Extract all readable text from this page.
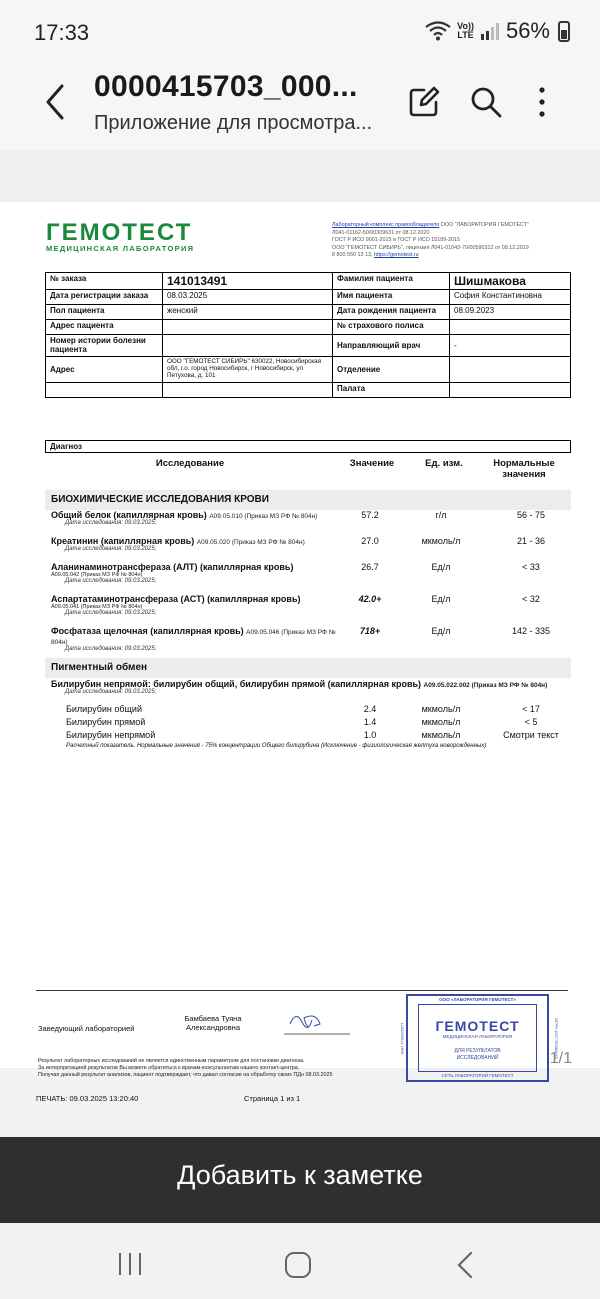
17:33	Vo))
LTE 56%
0000415703_000...
Приложение для просмотра...
ГЕМОТЕСТ
МЕДИЦИНСКАЯ ЛАБОРАТОРИЯ
Лабораторный комплекс правообладателя ООО "ЛАБОРАТОРИЯ ГЕМОТЕСТ"
Л041-01162-50/00309631 от 08.12.2020
ГОСТ Р ИСО 9001-2015 и ГОСТ Р ИСО 15189-2015
ООО "ГЕМОТЕСТ СИБИРЬ", лицензия Л041-01043-70/00590312 от 09.12.2019
8 800 550 13 13, https://gemotest.ru
№ заказа	141013491	Фамилия пациента	Шишмакова
Дата регистрации заказа	08.03.2025	Имя пациента	София Константиновна
Пол пациента	женский	Дата рождения пациента	08.09.2023
Адрес пациента		№ страхового полиса	
Номер истории болезни пациента		Направляющий врач	-
Адрес	ООО "ГЕМОТЕСТ СИБИРЬ" 630022, Новосибирская обл, г.о. город Новосибирск, г Новосибирск, ул Петухова, д. 101	Отделение	
		Палата	
Диагноз
Исследование	Значение	Ед. изм.	Нормальные значения
БИОХИМИЧЕСКИЕ ИССЛЕДОВАНИЯ КРОВИ
Общий белок (капиллярная кровь) A09.05.010 (Приказ МЗ РФ № 804н)
Дата исследования: 09.03.2025;
57.2	г/л	56 - 75
Креатинин (капиллярная кровь) A09.05.020 (Приказ МЗ РФ № 804н)
Дата исследования: 09.03.2025;
27.0	мкмоль/л	21 - 36
Аланинаминотрансфераза (АЛТ) (капиллярная кровь)
A09.05.042 (Приказ МЗ РФ № 804н)
Дата исследования: 09.03.2025;
26.7	Ед/л	< 33
Аспартатаминотрансфераза (АСТ) (капиллярная кровь)
A09.05.041 (Приказ МЗ РФ № 804н)
Дата исследования: 09.03.2025;
42.0+	Ед/л	< 32
Фосфатаза щелочная (капиллярная кровь) A09.05.046 (Приказ МЗ РФ № 804н)
Дата исследования: 09.03.2025;
718+	Ед/л	142 - 335
Пигментный обмен
Билирубин непрямой: билирубин общий, билирубин прямой (капиллярная кровь) A09.05.022.002 (Приказ МЗ РФ № 804н)
Дата исследования: 09.03.2025;
Билирубин общий	2.4	мкмоль/л	< 17
Билирубин прямой	1.4	мкмоль/л	< 5
Билирубин непрямой	1.0	мкмоль/л	Смотри текст
Расчетный показатель. Нормальные значения - 75% концентрации Общего билирубина (Исключение - физиологическая желтуха новорожденных)
Заведующий лабораторией
Бамбаева Туяна Александровна
Результат лабораторных исследований не является единственным параметром для постановки диагноза.
За интерпретацией результатов Вы можете обратиться к врачам-консультантам нашего контакт-центра.
Получая данный результат анализов, пациент подтверждает, что давал согласие на обработку своих ПДн 08.03.2025
ПЕЧАТЬ: 09.03.2025 13:20:40	Страница 1 из 1
ООО «ЛАБОРАТОРИЯ ГЕМОТЕСТ»
ГЕМОТЕСТ
МЕДИЦИНСКАЯ ЛАБОРАТОРИЯ
ДЛЯ РЕЗУЛЬТАТОВ
ИССЛЕДОВАНИЙ
СЕТЬ ЛАБОРАТОРИЙ ГЕМОТЕСТ
ИНН 7709335577	ОГРН 1027700060042
1/1
Добавить к заметке
